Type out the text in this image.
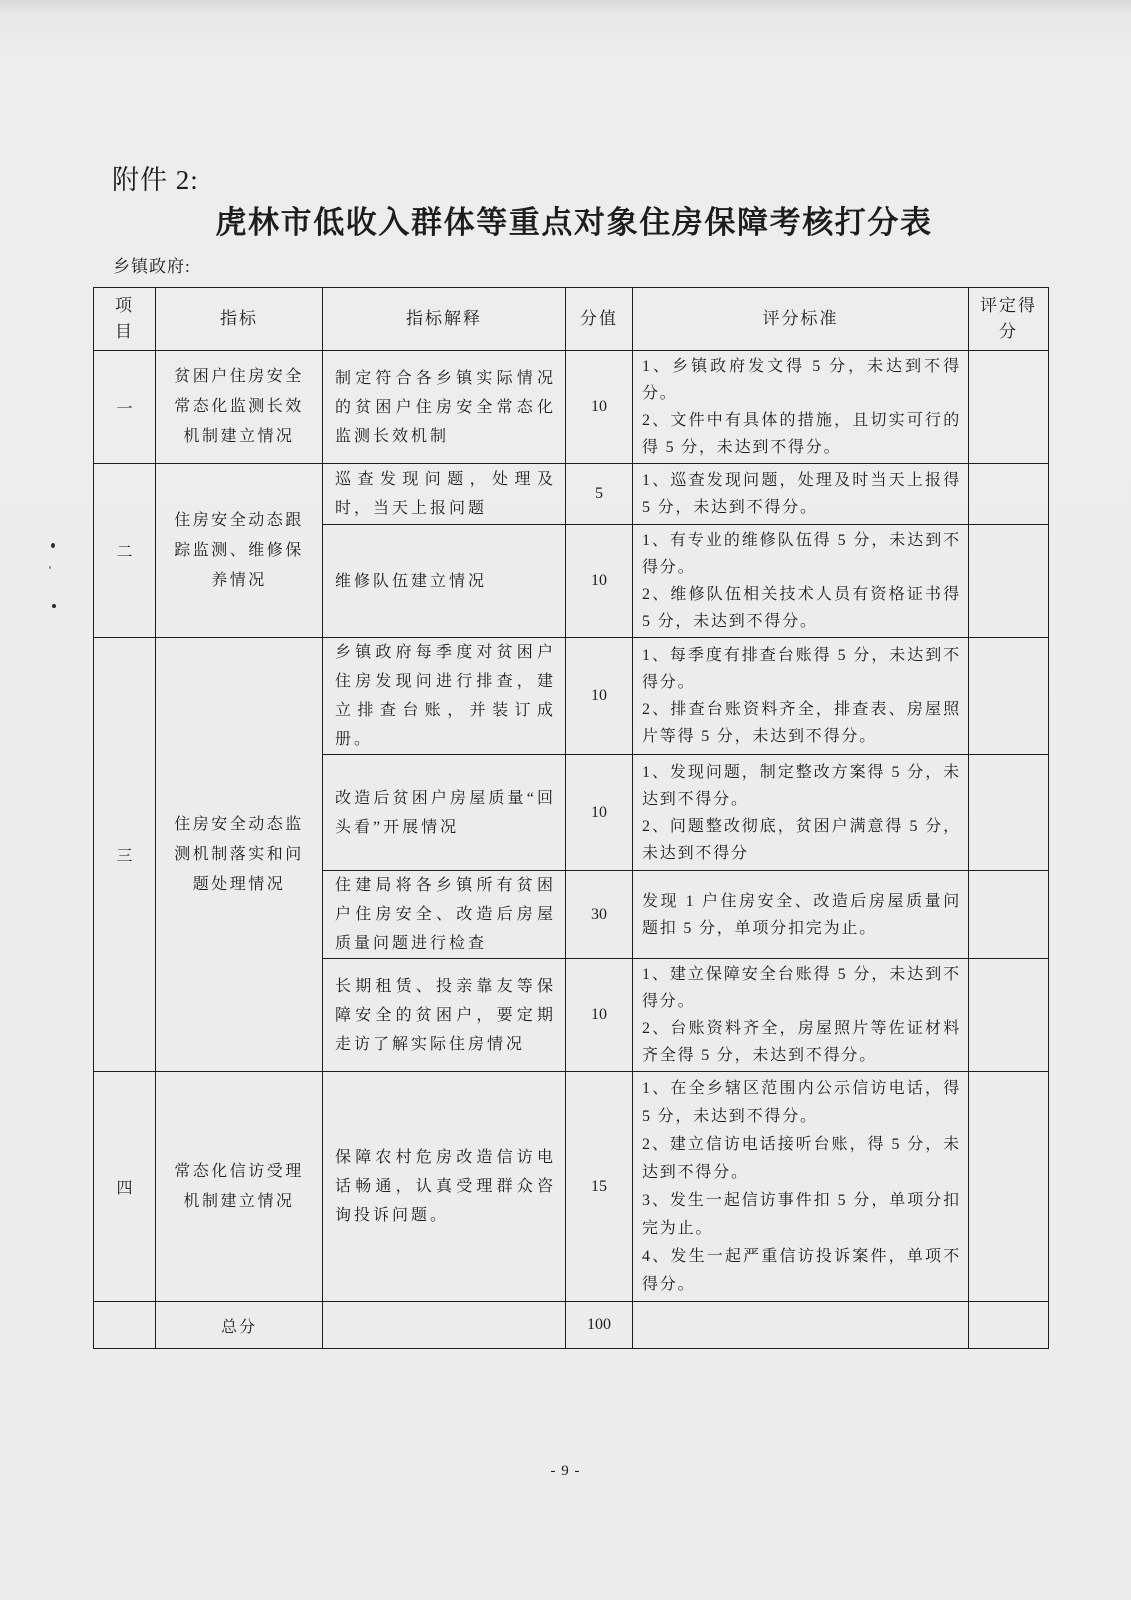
附件 2:
虎林市低收入群体等重点对象住房保障考核打分表
乡镇政府:
项目	指标	指标解释	分值	评分标准	评定得分
一	贫困户住房安全常态化监测长效机制建立情况	制定符合各乡镇实际情况的贫困户住房安全常态化监测长效机制	10	1、乡镇政府发文得 5 分，未达到不得分。
2、文件中有具体的措施，且切实可行的得 5 分，未达到不得分。	

二	住房安全动态跟踪监测、维修保养情况	巡查发现问题，处理及时，当天上报问题	5	1、巡查发现问题，处理及时当天上报得 5 分，未达到不得分。	

		维修队伍建立情况	10	1、有专业的维修队伍得 5 分，未达到不得分。
2、维修队伍相关技术人员有资格证书得 5 分，未达到不得分。	

三	住房安全动态监测机制落实和问题处理情况	乡镇政府每季度对贫困户住房发现问进行排查，建立排查台账，并装订成册。	10	1、每季度有排查台账得 5 分，未达到不得分。
2、排查台账资料齐全，排查表、房屋照片等得 5 分，未达到不得分。	

		改造后贫困户房屋质量“回头看”开展情况	10	1、发现问题，制定整改方案得 5 分，未达到不得分。
2、问题整改彻底，贫困户满意得 5 分，未达到不得分	

		住建局将各乡镇所有贫困户住房安全、改造后房屋质量问题进行检查	30	发现 1 户住房安全、改造后房屋质量问题扣 5 分，单项分扣完为止。	

		长期租赁、投亲靠友等保障安全的贫困户，要定期走访了解实际住房情况	10	1、建立保障安全台账得 5 分，未达到不得分。
2、台账资料齐全，房屋照片等佐证材料齐全得 5 分，未达到不得分。	

四	常态化信访受理机制建立情况	保障农村危房改造信访电话畅通，认真受理群众咨询投诉问题。	15	1、在全乡辖区范围内公示信访电话，得 5 分，未达到不得分。
2、建立信访电话接听台账，得 5 分，未达到不得分。
3、发生一起信访事件扣 5 分，单项分扣完为止。
4、发生一起严重信访投诉案件，单项不得分。	

	总分		100		
- 9 -
